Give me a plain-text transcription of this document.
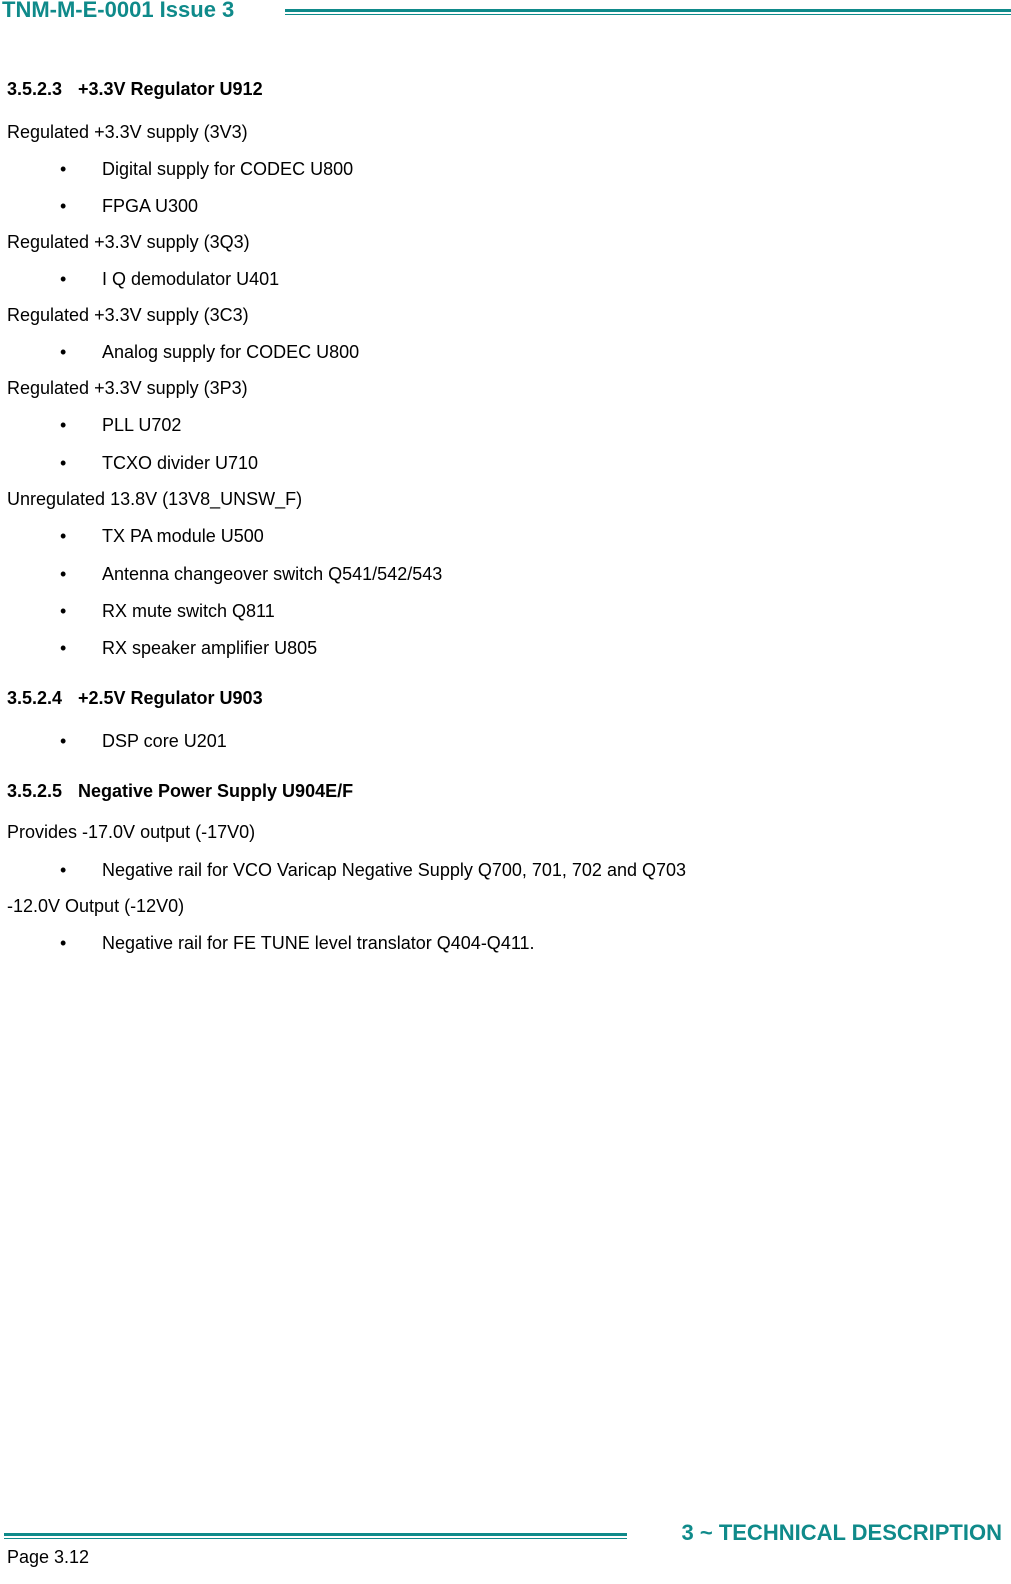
TNM-M-E-0001 Issue 3
3.5.2.3 +3.3V Regulator U912
Regulated +3.3V supply (3V3)
• Digital supply for CODEC U800
• FPGA U300
Regulated +3.3V supply (3Q3)
• I Q demodulator U401
Regulated +3.3V supply (3C3)
• Analog supply for CODEC U800
Regulated +3.3V supply (3P3)
• PLL U702
• TCXO divider U710
Unregulated 13.8V (13V8_UNSW_F)
• TX PA module U500
• Antenna changeover switch Q541/542/543
• RX mute switch Q811
• RX speaker amplifier U805
3.5.2.4 +2.5V Regulator U903
• DSP core U201
3.5.2.5 Negative Power Supply U904E/F
Provides -17.0V output (-17V0)
• Negative rail for VCO Varicap Negative Supply Q700, 701, 702 and Q703
-12.0V Output (-12V0)
• Negative rail for FE TUNE level translator Q404-Q411.
3 ~ TECHNICAL DESCRIPTION
Page 3.12
